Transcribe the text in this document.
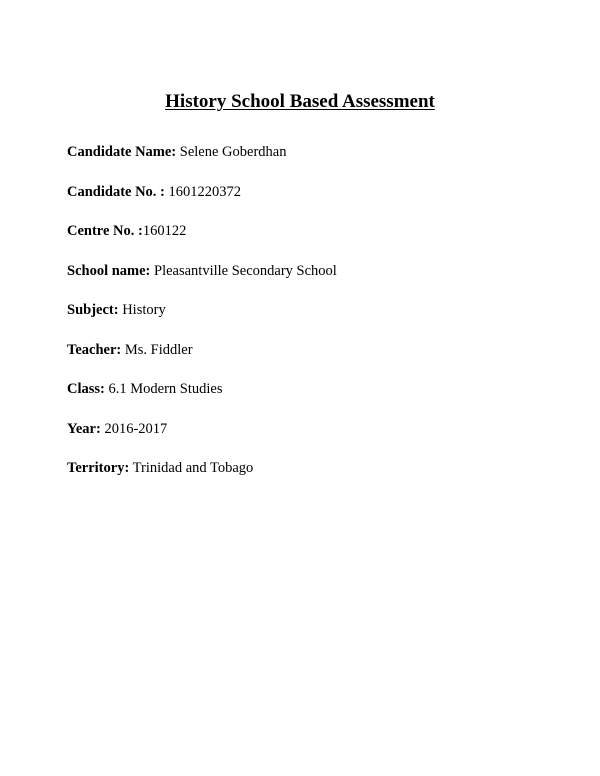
History School Based Assessment
Candidate Name: Selene Goberdhan
Candidate No. : 1601220372
Centre No. :160122
School name: Pleasantville Secondary School
Subject: History
Teacher: Ms. Fiddler
Class: 6.1 Modern Studies
Year: 2016-2017
Territory: Trinidad and Tobago
